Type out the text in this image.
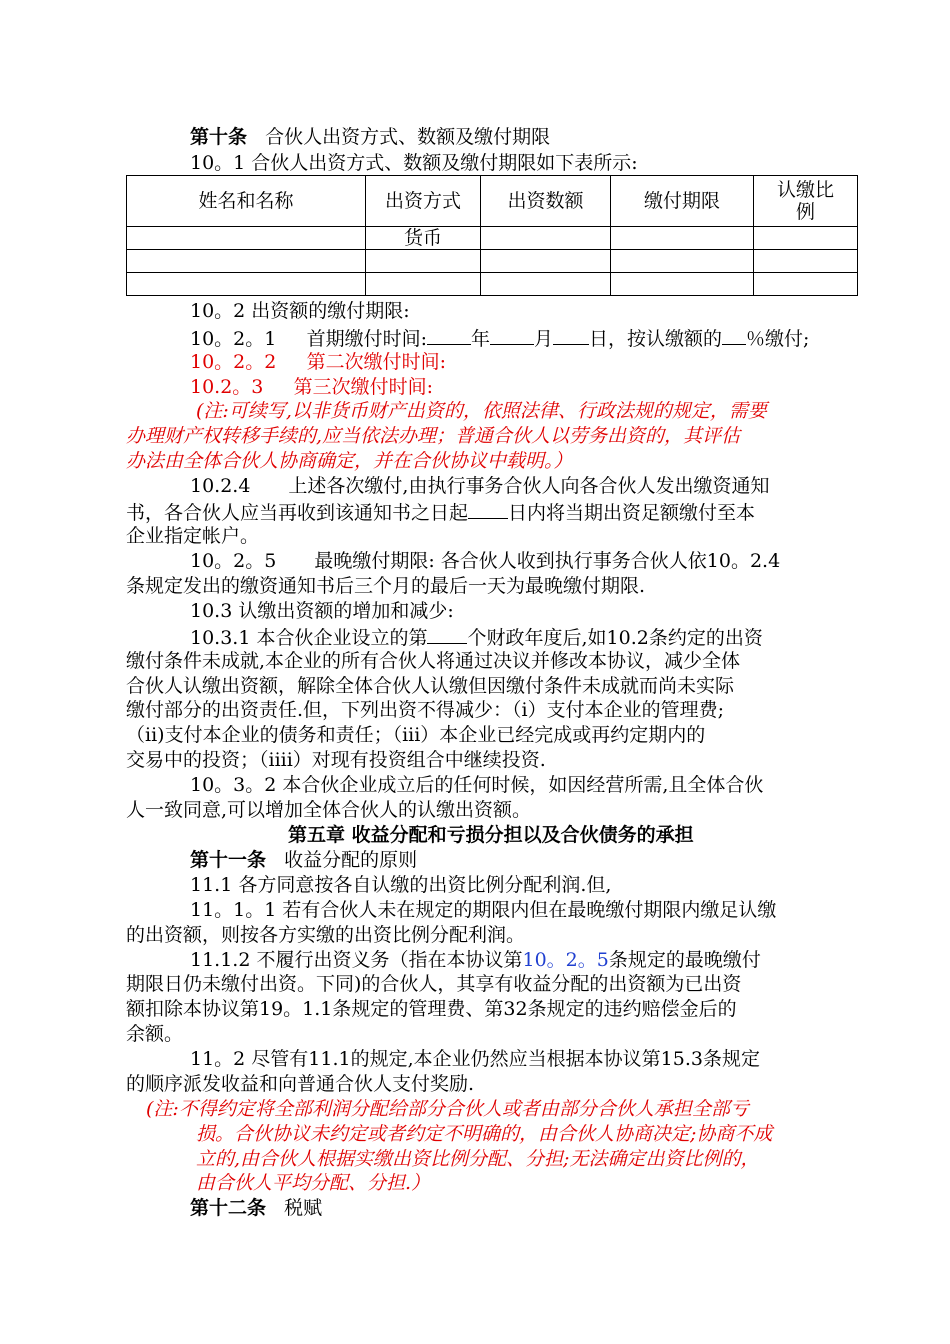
第十条 合伙人出资方式、数额及缴付期限
10。1 合伙人出资方式、数额及缴付期限如下表所示:
姓名和名称	出资方式	出资数额	缴付期限	认缴比
例
	货币			

10。2 出资额的缴付期限:
10。2。1 首期缴付时间: 年 月 日，按认缴额的 ％缴付;
10。2。2 第二次缴付时间:
10.2。3 第三次缴付时间:
(注:可续写,以非货币财产出资的，依照法律、行政法规的规定，需要
办理财产权转移手续的,应当依法办理；普通合伙人以劳务出资的，其评估
办法由全体合伙人协商确定，并在合伙协议中载明。）
10.2.4　　上述各次缴付,由执行事务合伙人向各合伙人发出缴资通知
书，各合伙人应当再收到该通知书之日起 日内将当期出资足额缴付至本
企业指定帐户。
10。2。5　　最晚缴付期限: 各合伙人收到执行事务合伙人依10。2.4
条规定发出的缴资通知书后三个月的最后一天为最晚缴付期限.
10.3 认缴出资额的增加和减少:
10.3.1 本合伙企业设立的第 个财政年度后,如10.2条约定的出资
缴付条件未成就,本企业的所有合伙人将通过决议并修改本协议，减少全体
合伙人认缴出资额，解除全体合伙人认缴但因缴付条件未成就而尚未实际
缴付部分的出资责任.但，下列出资不得减少：（i）支付本企业的管理费;
（ii)支付本企业的债务和责任；（iii）本企业已经完成或再约定期内的
交易中的投资；（iiii）对现有投资组合中继续投资.
10。3。2 本合伙企业成立后的任何时候，如因经营所需,且全体合伙
人一致同意,可以增加全体合伙人的认缴出资额。
第五章 收益分配和亏损分担以及合伙债务的承担
第十一条 收益分配的原则
11.1 各方同意按各自认缴的出资比例分配利润.但,
11。1。1 若有合伙人未在规定的期限内但在最晚缴付期限内缴足认缴
的出资额，则按各方实缴的出资比例分配利润。
11.1.2 不履行出资义务（指在本协议第10。2。5条规定的最晚缴付
期限日仍未缴付出资。下同)的合伙人，其享有收益分配的出资额为已出资
额扣除本协议第19。1.1条规定的管理费、第32条规定的违约赔偿金后的
余额。
11。2 尽管有11.1的规定,本企业仍然应当根据本协议第15.3条规定
的顺序派发收益和向普通合伙人支付奖励.
(注:不得约定将全部利润分配给部分合伙人或者由部分合伙人承担全部亏
损。合伙协议未约定或者约定不明确的，由合伙人协商决定;协商不成
立的,由合伙人根据实缴出资比例分配、分担;无法确定出资比例的，
由合伙人平均分配、分担.）
第十二条 税赋
